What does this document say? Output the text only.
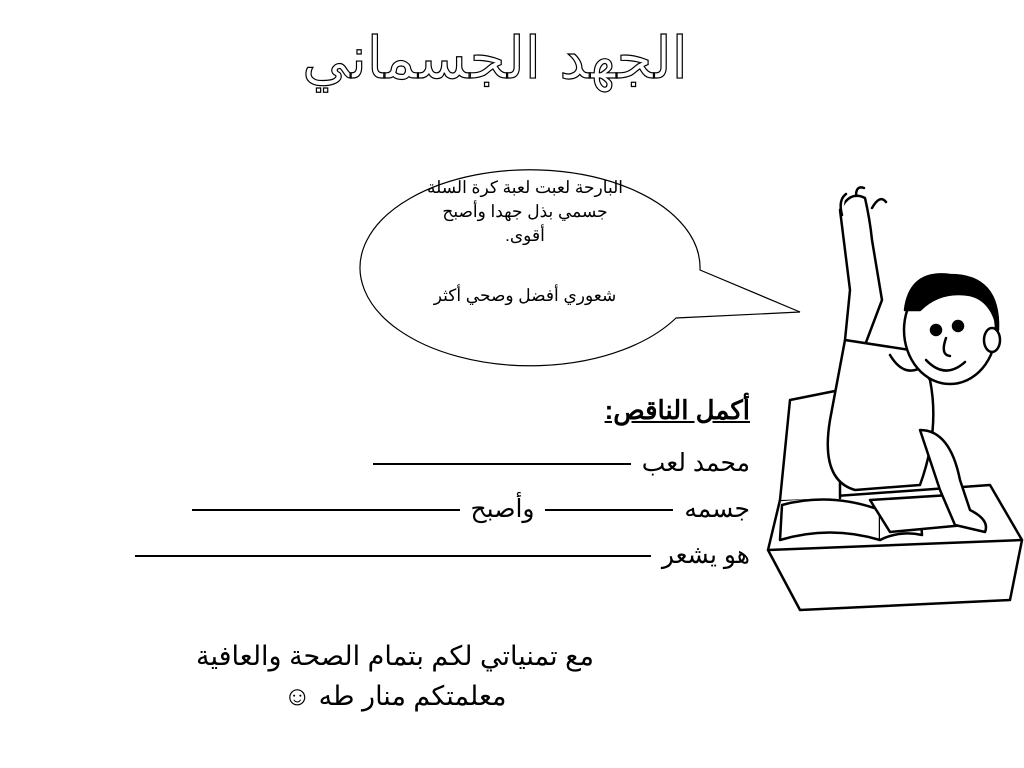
الجهد الجسماني
البارحة لعبت لعبة كرة السلة
جسمي بذل جهدا وأصبح
أقوى.
شعوري أفضل وصحي أكثر
أكمل الناقص:
محمد لعب
جسمه  وأصبح
هو يشعر
مع تمنياتي لكم بتمام الصحة والعافية
معلمتكم منار طه ☺
